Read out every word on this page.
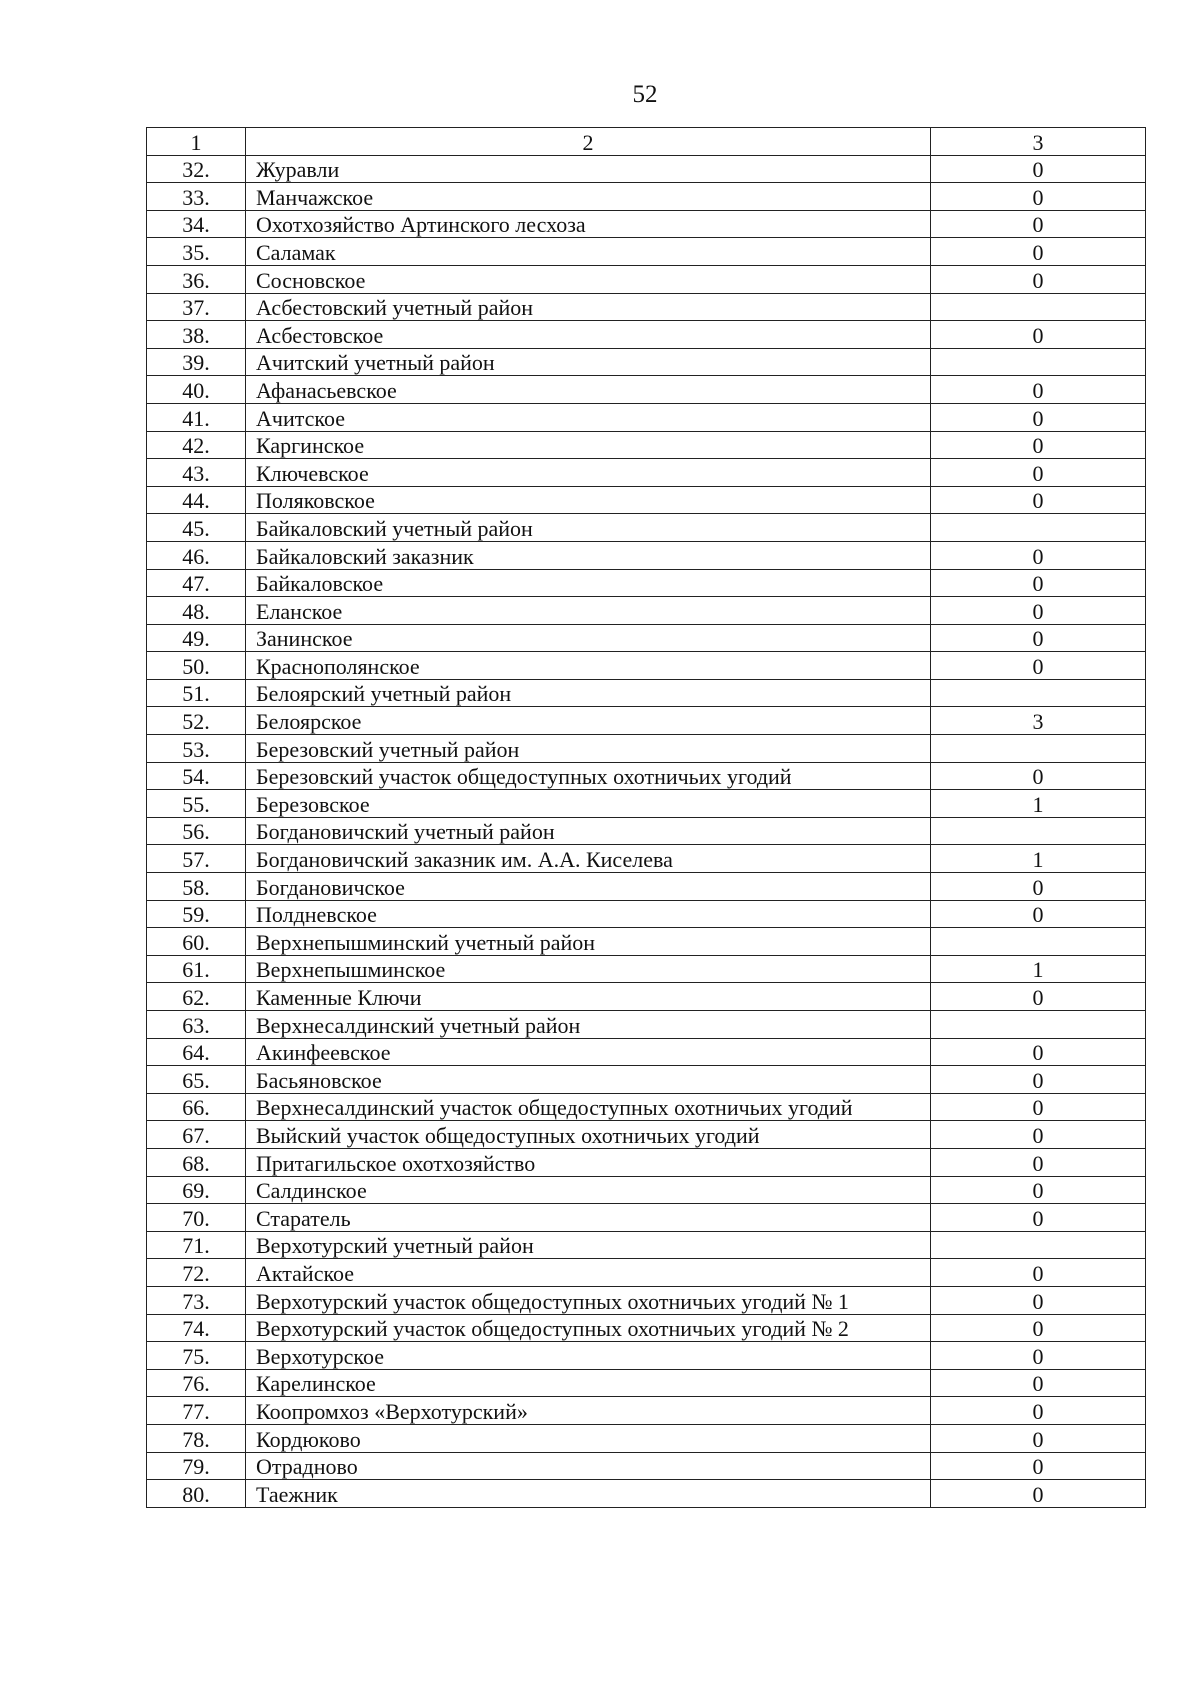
52
1	2	3
32.	Журавли	0
33.	Манчажское	0
34.	Охотхозяйство Артинского лесхоза	0
35.	Саламак	0
36.	Сосновское	0
37.	Асбестовский учетный район	
38.	Асбестовское	0
39.	Ачитский учетный район	
40.	Афанасьевское	0
41.	Ачитское	0
42.	Каргинское	0
43.	Ключевское	0
44.	Поляковское	0
45.	Байкаловский учетный район	
46.	Байкаловский заказник	0
47.	Байкаловское	0
48.	Еланское	0
49.	Занинское	0
50.	Краснополянское	0
51.	Белоярский учетный район	
52.	Белоярское	3
53.	Березовский учетный район	
54.	Березовский участок общедоступных охотничьих угодий	0
55.	Березовское	1
56.	Богдановичский учетный район	
57.	Богдановичский заказник им. А.А. Киселева	1
58.	Богдановичское	0
59.	Полдневское	0
60.	Верхнепышминский учетный район	
61.	Верхнепышминское	1
62.	Каменные Ключи	0
63.	Верхнесалдинский учетный район	
64.	Акинфеевское	0
65.	Басьяновское	0
66.	Верхнесалдинский участок общедоступных охотничьих угодий	0
67.	Выйский участок общедоступных охотничьих угодий	0
68.	Притагильское охотхозяйство	0
69.	Салдинское	0
70.	Старатель	0
71.	Верхотурский учетный район	
72.	Актайское	0
73.	Верхотурский участок общедоступных охотничьих угодий № 1	0
74.	Верхотурский участок общедоступных охотничьих угодий № 2	0
75.	Верхотурское	0
76.	Карелинское	0
77.	Коопромхоз «Верхотурский»	0
78.	Кордюково	0
79.	Отрадново	0
80.	Таежник	0
